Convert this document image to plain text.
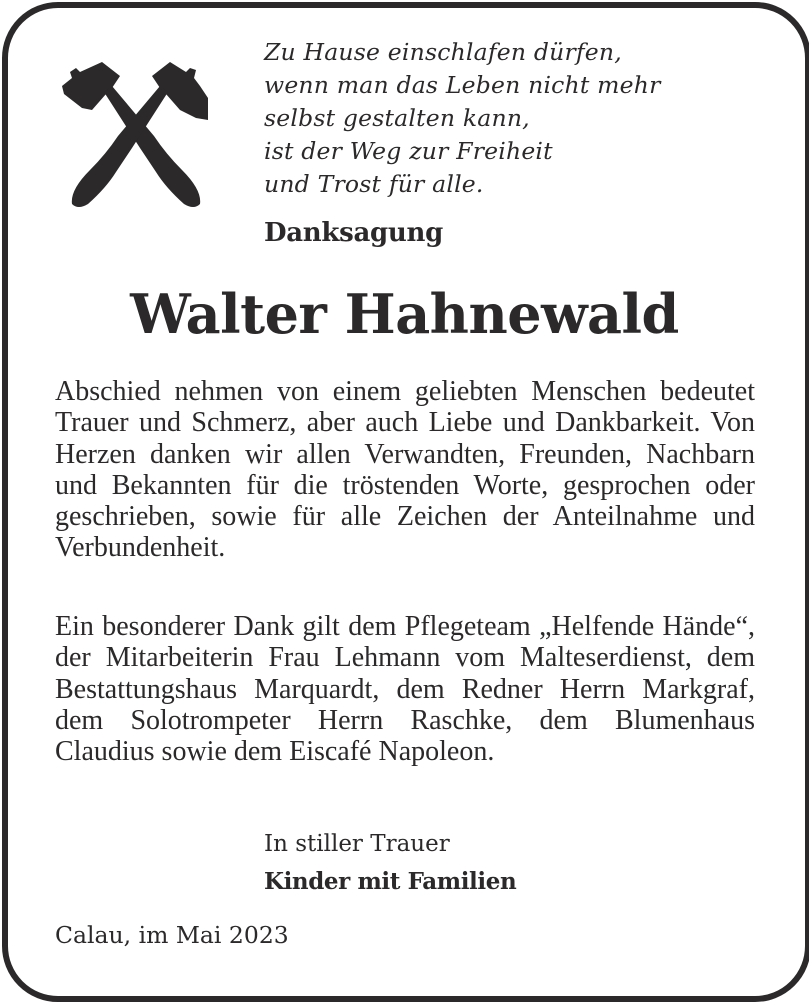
Zu Hause einschlafen dürfen,
wenn man das Leben nicht mehr
selbst gestalten kann,
ist der Weg zur Freiheit
und Trost für alle.
Danksagung
Walter Hahnewald
Abschied nehmen von einem geliebten Menschen bedeutet Trauer und Schmerz, aber auch Liebe und Dankbarkeit. Von Herzen danken wir allen Verwandten, Freunden, Nachbarn und Bekannten für die tröstenden Worte, gesprochen oder geschrieben, sowie für alle Zeichen der Anteilnahme und Verbundenheit.
Ein besonderer Dank gilt dem Pflegeteam „Helfende Hände“, der Mitarbeiterin Frau Lehmann vom Malteserdienst, dem Bestattungshaus Marquardt, dem Redner Herrn Markgraf, dem Solotrompeter Herrn Raschke, dem Blumenhaus Claudius sowie dem Eiscafé Napoleon.
In stiller Trauer
Kinder mit Familien
Calau, im Mai 2023
